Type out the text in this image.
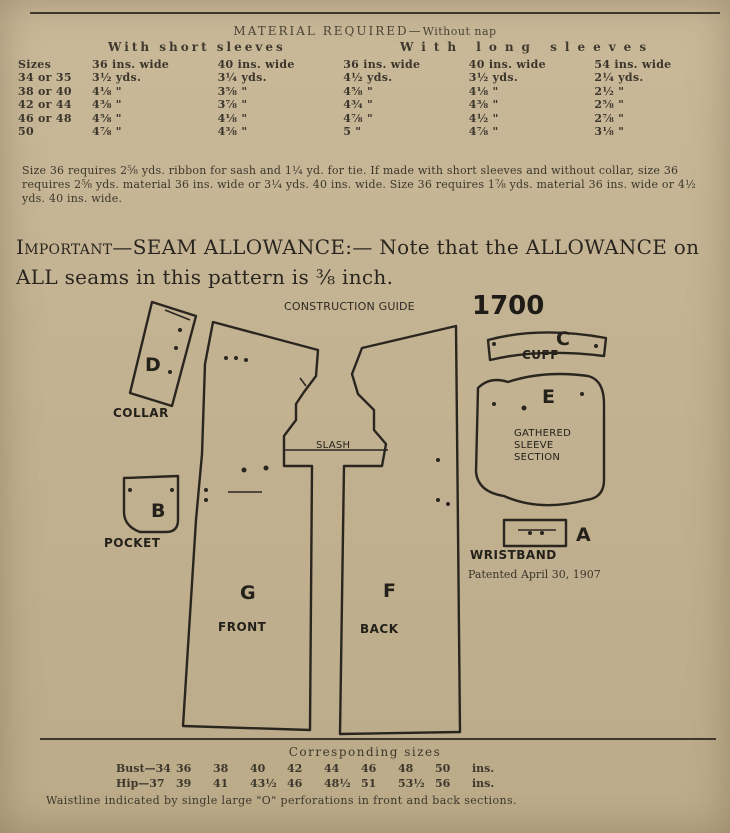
MATERIAL REQUIRED—Without nap
With short sleeves	With long sleeves
Sizes	36 ins. wide	40 ins. wide	36 ins. wide	40 ins. wide	54 ins. wide
34 or 35	3½ yds.	3¼ yds.	4½ yds.	3½ yds.	2¼ yds.
38 or 40	4⅛ "	3⅝ "	4⅝ "	4⅛ "	2½ "
42 or 44	4⅜ "	3⅞ "	4¾ "	4⅜ "	2⅝ "
46 or 48	4⅝ "	4⅛ "	4⅞ "	4½ "	2⅞ "
50	4⅞ "	4⅜ "	5 "	4⅞ "	3⅛ "
Size 36 requires 2⅝ yds. ribbon for sash and 1¼ yd. for tie. If made with short sleeves and without collar, size 36 requires 2⅝ yds. material 36 ins. wide or 3¼ yds. 40 ins. wide. Size 36 requires 1⅞ yds. material 36 ins. wide or 4½ yds. 40 ins. wide.
Important—SEAM ALLOWANCE:— Note that the ALLOWANCE on ALL seams in this pattern is ⅜ inch.
CONSTRUCTION GUIDE 1700
D
COLLAR
B
POCKET
G
FRONT
F
BACK
SLASH
C
CUFF
E
GATHERED SLEEVE SECTION
A
WRISTBAND
Patented April 30, 1907
Corresponding sizes
Bust—34 36 38 40 42 44 46 48 50 ins.
Hip—37 39 41 43½ 46 48½ 51 53½ 56 ins.
Waistline indicated by single large "O" perforations in front and back sections.
